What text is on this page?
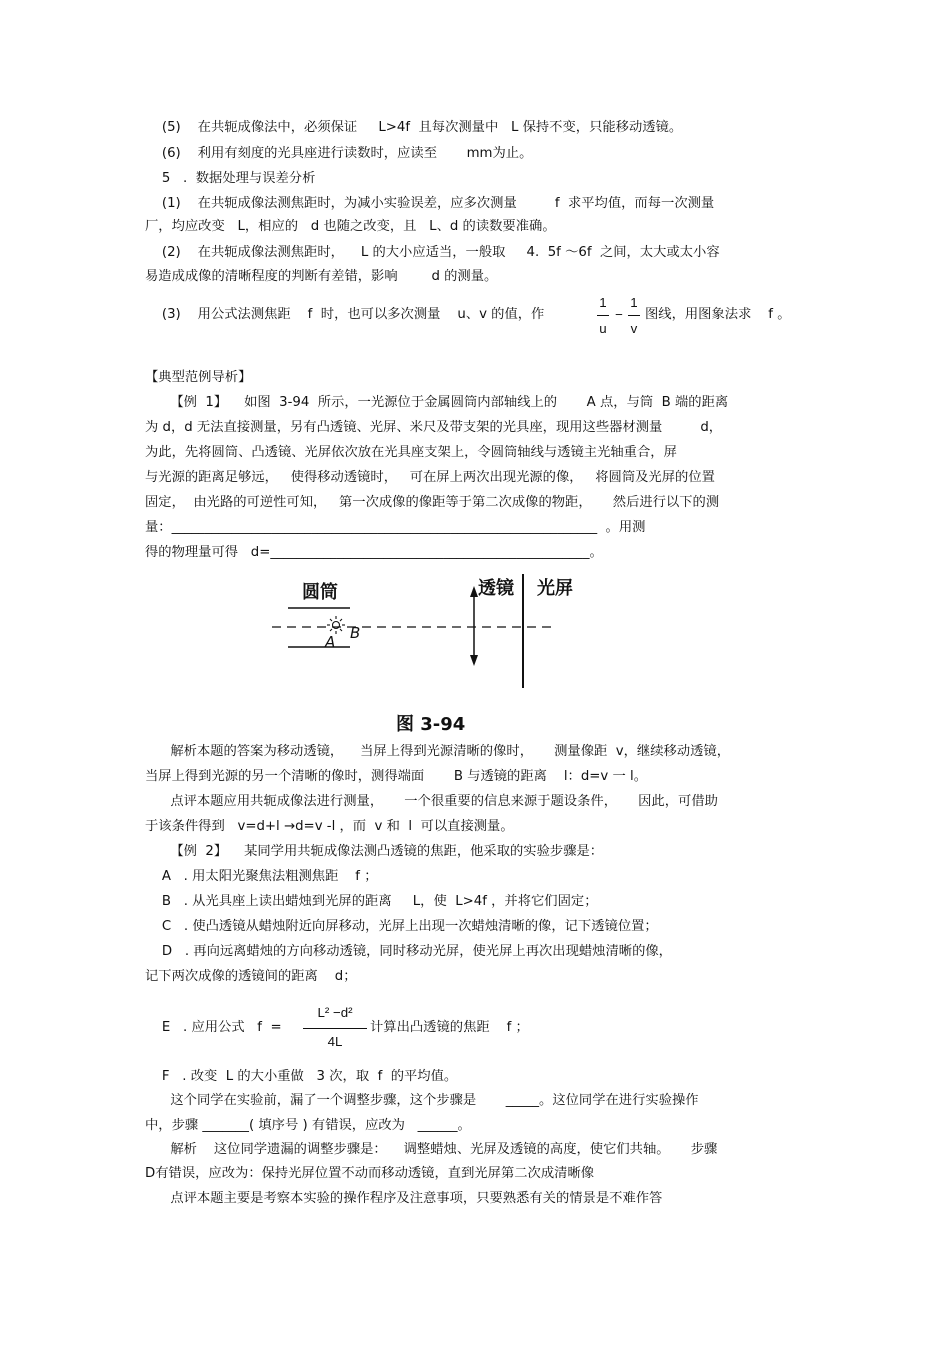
(5)    在共轭成像法中，必须保证     L>4f  且每次测量中   L 保持不变，只能移动透镜。
(6)    利用有刻度的光具座进行读数时，应读至       mm为止。
5   .  数据处理与误差分析
(1)    在共轭成像法测焦距时，为减小实验误差，应多次测量         f  求平均值，而每一次测量
厂，均应改变   L，相应的   d 也随之改变，且   L、d 的读数要准确。
(2)    在共轭成像法测焦距时，    L 的大小应适当，一般取     4.  5f ～6f  之间，太大或太小容
易造成成像的清晰程度的判断有差错，影响        d 的测量。
(3)    用公式法测焦距    f  时，也可以多次测量    u、v 的值，作	图线，用图象法求    f 。
1
u
−
1
v
【典型范例导析】
【例  1】    如图  3-94  所示，一光源位于金属圆筒内部轴线上的       A 点，与筒  B 端的距离
为 d，d 无法直接测量，另有凸透镜、光屏、米尺及带支架的光具座，现用这些器材测量         d，
为此，先将圆筒、凸透镜、光屏依次放在光具座支架上，令圆筒轴线与透镜主光轴重合，屏
与光源的距离足够远，   使得移动透镜时，   可在屏上两次出现光源的像，   将圆筒及光屏的位置
固定，  由光路的可逆性可知，   第一次成像的像距等于第二次成像的物距，     然后进行以下的测
量：________________________________________________________________  。用测
得的物理量可得   d=________________________________________________。
圆筒
A B
透镜 光屏
图 3-94
解析本题的答案为移动透镜，    当屏上得到光源清晰的像时，     测量像距  v，继续移动透镜，
当屏上得到光源的另一个清晰的像时，测得端面       B 与透镜的距离    l：d=v 一 l。
点评本题应用共轭成像法进行测量，     一个很重要的信息来源于题设条件，     因此，可借助
于该条件得到   v=d+l →d=v -l ，而  v 和  l  可以直接测量。
【例  2】    某同学用共轭成像法测凸透镜的焦距，他采取的实验步骤是：
A   . 用太阳光聚焦法粗测焦距    f ；
B   . 从光具座上读出蜡烛到光屏的距离     L，使  L>4f ，并将它们固定；
C   . 使凸透镜从蜡烛附近向屏移动，光屏上出现一次蜡烛清晰的像，记下透镜位置；
D   . 再向远离蜡烛的方向移动透镜，同时移动光屏，使光屏上再次出现蜡烛清晰的像，
记下两次成像的透镜间的距离    d；
E   . 应用公式   f  =
L² −d²
4L
计算出凸透镜的焦距    f ；
F   . 改变  L 的大小重做   3 次，取  f  的平均值。
这个同学在实验前，漏了一个调整步骤，这个步骤是       _____。这位同学在进行实验操作
中，步骤 _______( 填序号 ) 有错误，应改为   ______。
解析    这位同学遗漏的调整步骤是：    调整蜡烛、光屏及透镜的高度，使它们共轴。     步骤
D有错误，应改为：保持光屏位置不动而移动透镜，直到光屏第二次成清晰像
点评本题主要是考察本实验的操作程序及注意事项，只要熟悉有关的情景是不难作答
